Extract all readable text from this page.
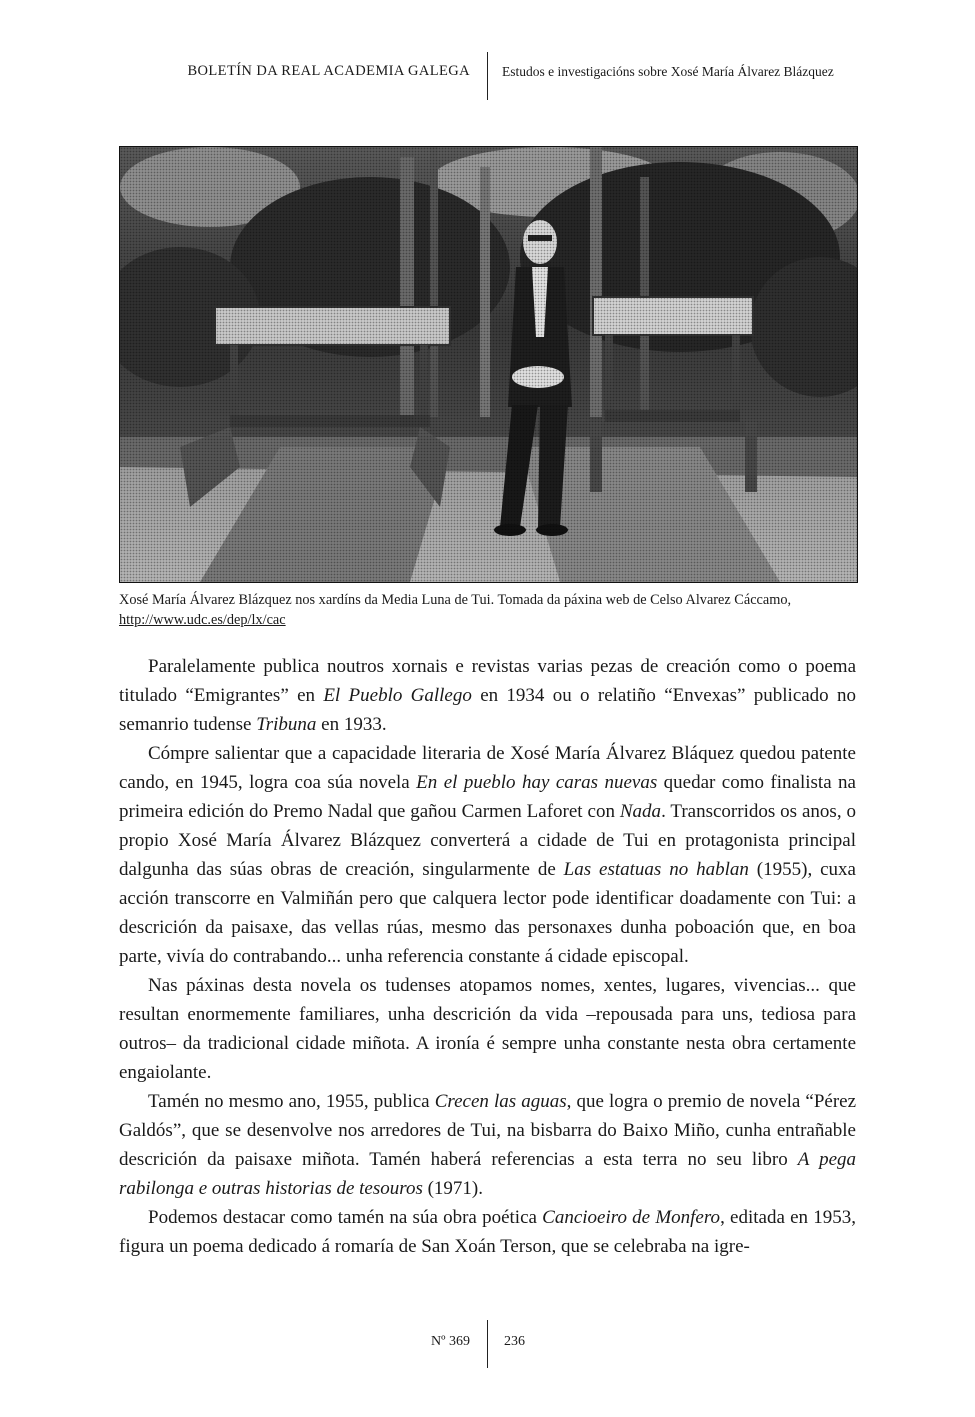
BOLETÍN DA REAL ACADEMIA GALEGA Estudos e investigacións sobre Xosé María Álvarez Blázquez
Xosé María Álvarez Blázquez nos xardíns da Media Luna de Tui. Tomada da páxina web de Celso Alvarez Cáccamo, http://www.udc.es/dep/lx/cac

Paralelamente publica noutros xornais e revistas varias pezas de creación como o poema titulado “Emigrantes” en El Pueblo Gallego en 1934 ou o relatiño “Envexas” publicado no semanrio tudense Tribuna en 1933.

Cómpre salientar que a capacidade literaria de Xosé María Álvarez Bláquez quedou patente cando, en 1945, logra coa súa novela En el pueblo hay caras nuevas quedar como finalista na primeira edición do Premo Nadal que gañou Carmen Laforet con Nada. Transcorridos os anos, o propio Xosé María Álvarez Blázquez converterá a cidade de Tui en protagonista principal dalgunha das súas obras de creación, singularmente de Las estatuas no hablan (1955), cuxa acción transcorre en Valmiñán pero que calquera lector pode identificar doadamente con Tui: a descrición da paisaxe, das vellas rúas, mesmo das personaxes dunha poboación que, en boa parte, vivía do contrabando... unha referencia constante á cidade episcopal.

Nas páxinas desta novela os tudenses atopamos nomes, xentes, lugares, vivencias... que resultan enormemente familiares, unha descrición da vida –repousada para uns, tediosa para outros– da tradicional cidade miñota. A ironía é sempre unha constante nesta obra certamente engaiolante.

Tamén no mesmo ano, 1955, publica Crecen las aguas, que logra o premio de novela “Pérez Galdós”, que se desenvolve nos arredores de Tui, na bisbarra do Baixo Miño, cunha entrañable descrición da paisaxe miñota. Tamén haberá referencias a esta terra no seu libro A pega rabilonga e outras historias de tesouros (1971).

Podemos destacar como tamén na súa obra poética Cancioeiro de Monfero, editada en 1953, figura un poema dedicado á romaría de San Xoán Terson, que se celebraba na igre-

Nº 369 236
